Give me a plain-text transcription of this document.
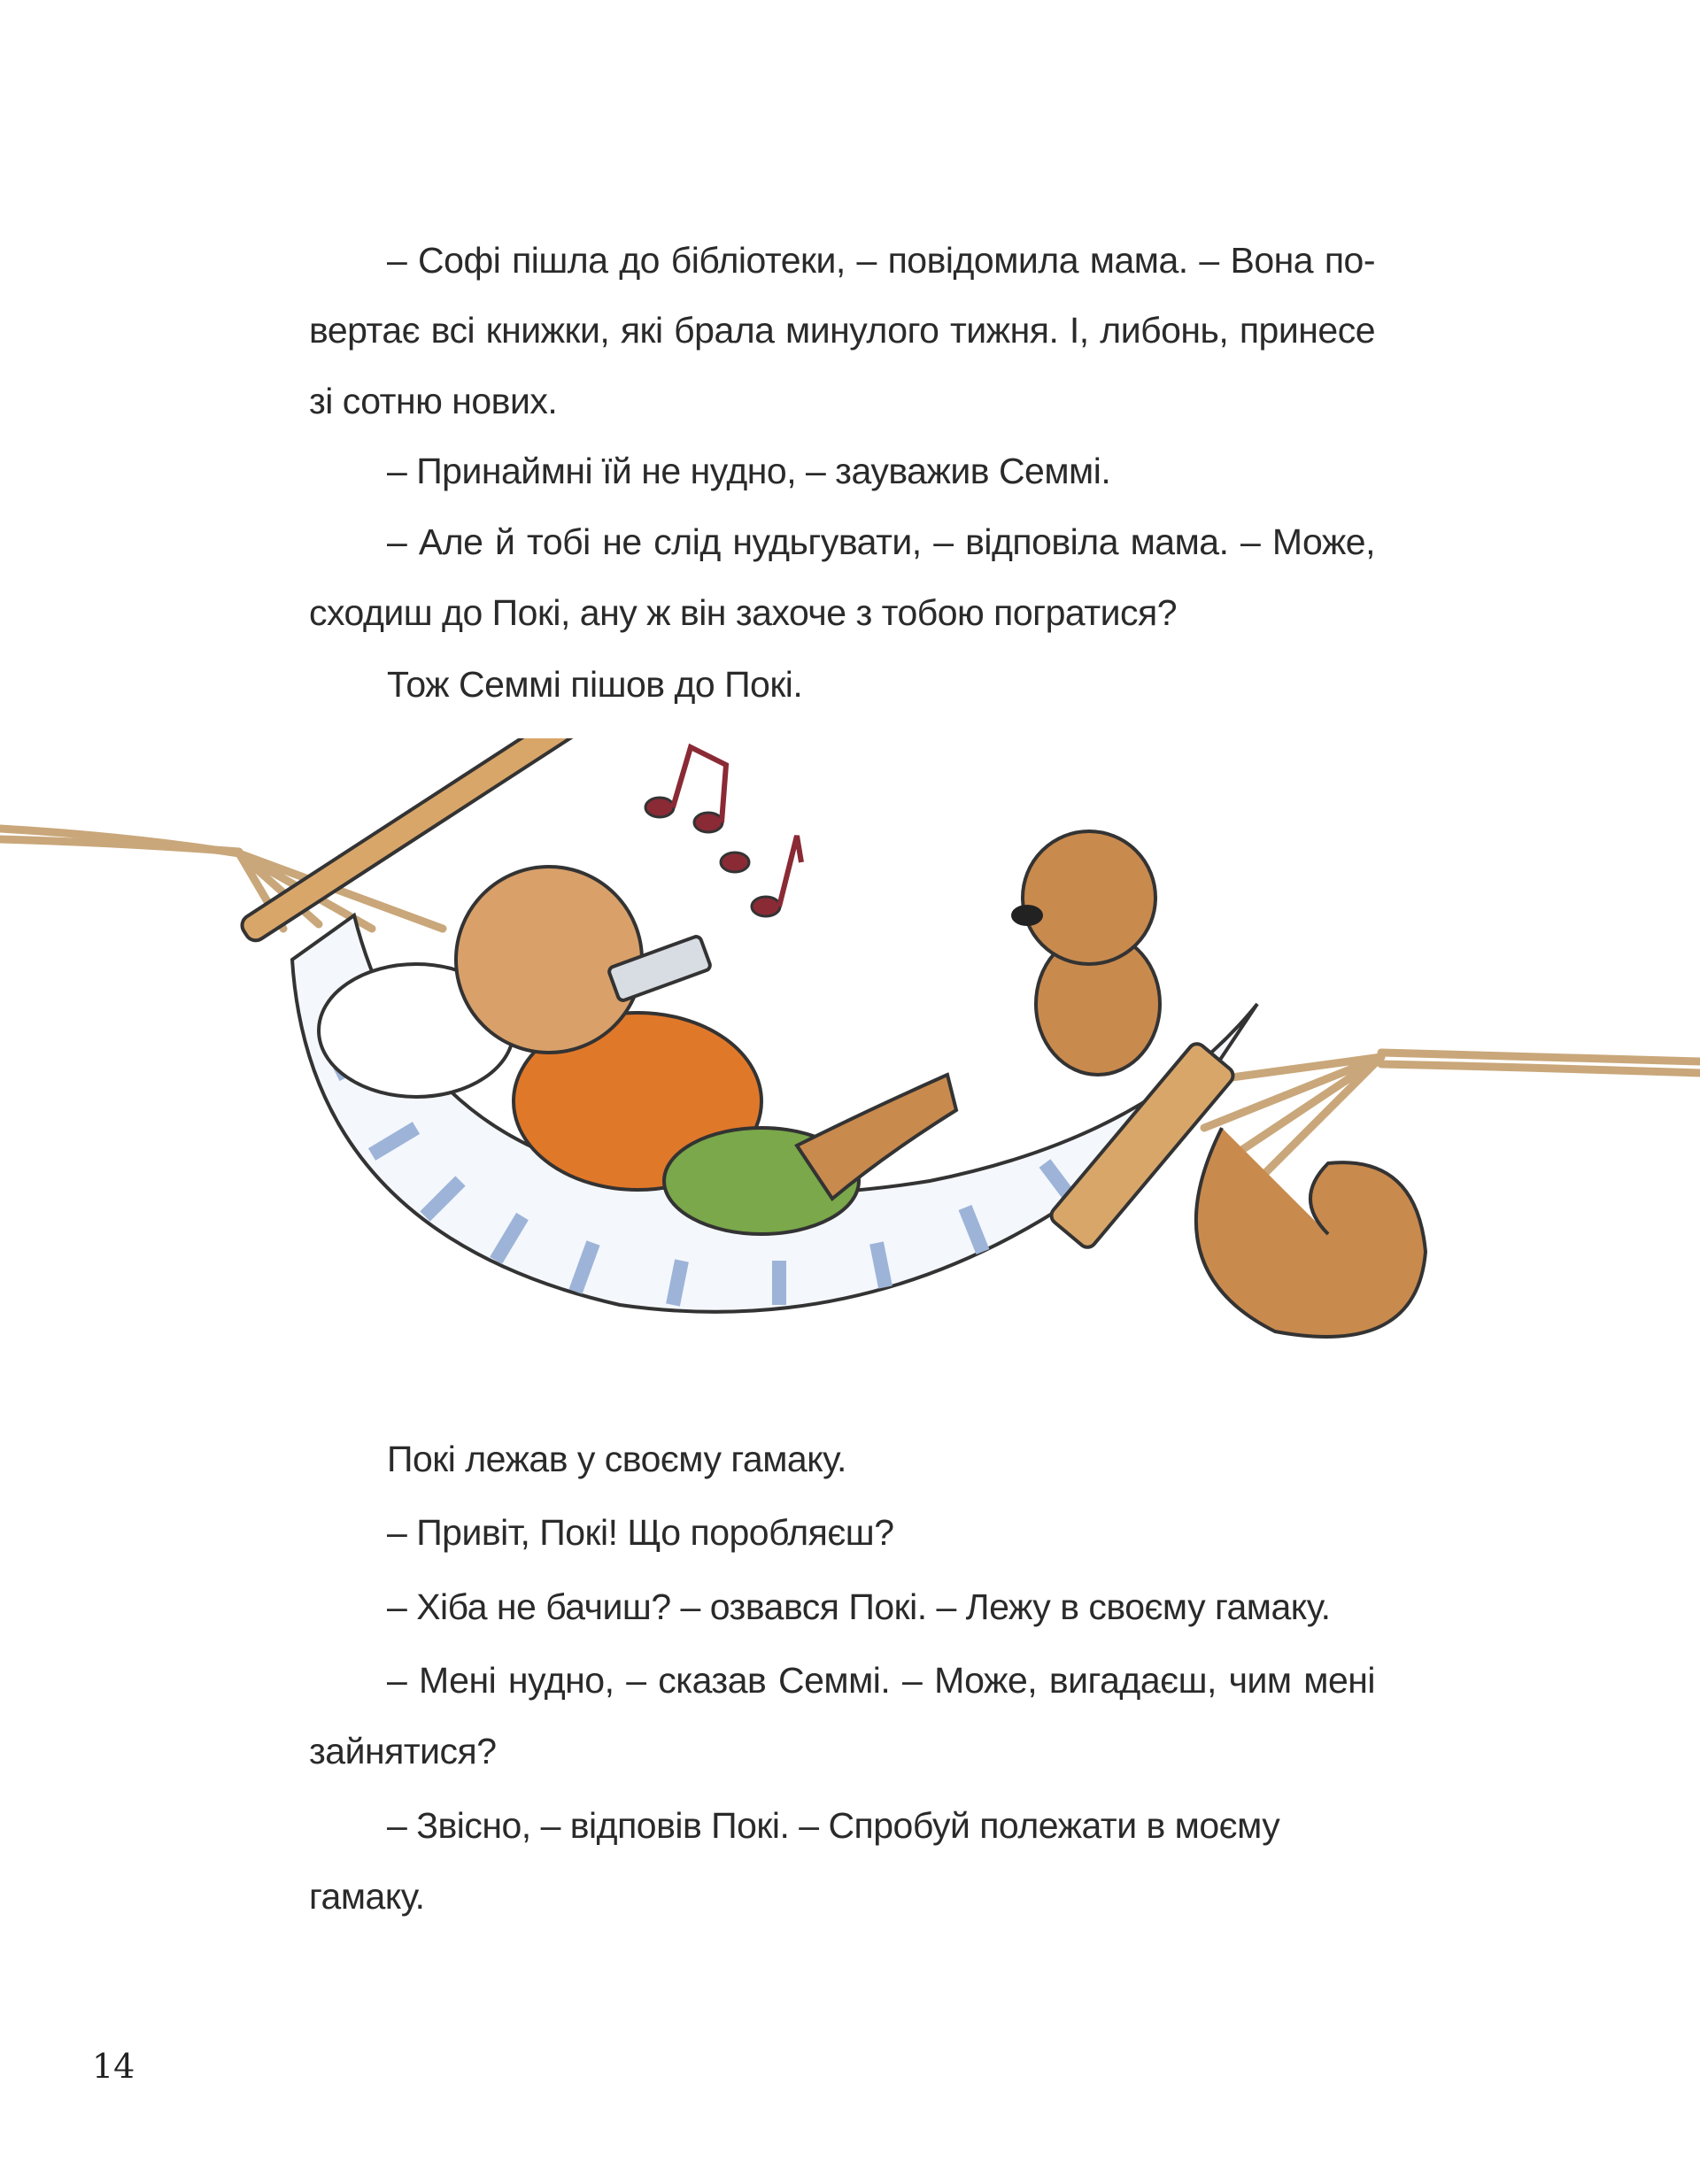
– Софі пішла до бібліотеки, – повідомила мама. – Вона по-
вертає всі книжки, які брала минулого тижня. І, либонь, принесе
зі сотню нових.
– Принаймні їй не нудно, – зауважив Семмі.
– Але й тобі не слід нудьгувати, – відповіла мама. – Може,
сходиш до Покі, ану ж він захоче з тобою погратися?
Тож Семмі пішов до Покі.
Покі лежав у своєму гамаку.
– Привіт, Покі! Що поробляєш?
– Хіба не бачиш? – озвався Покі. – Лежу в своєму гамаку.
– Мені нудно, – сказав Семмі. – Може, вигадаєш, чим мені
зайнятися?
– Звісно, – відповів Покі. – Спробуй полежати в моєму
гамаку.
14
